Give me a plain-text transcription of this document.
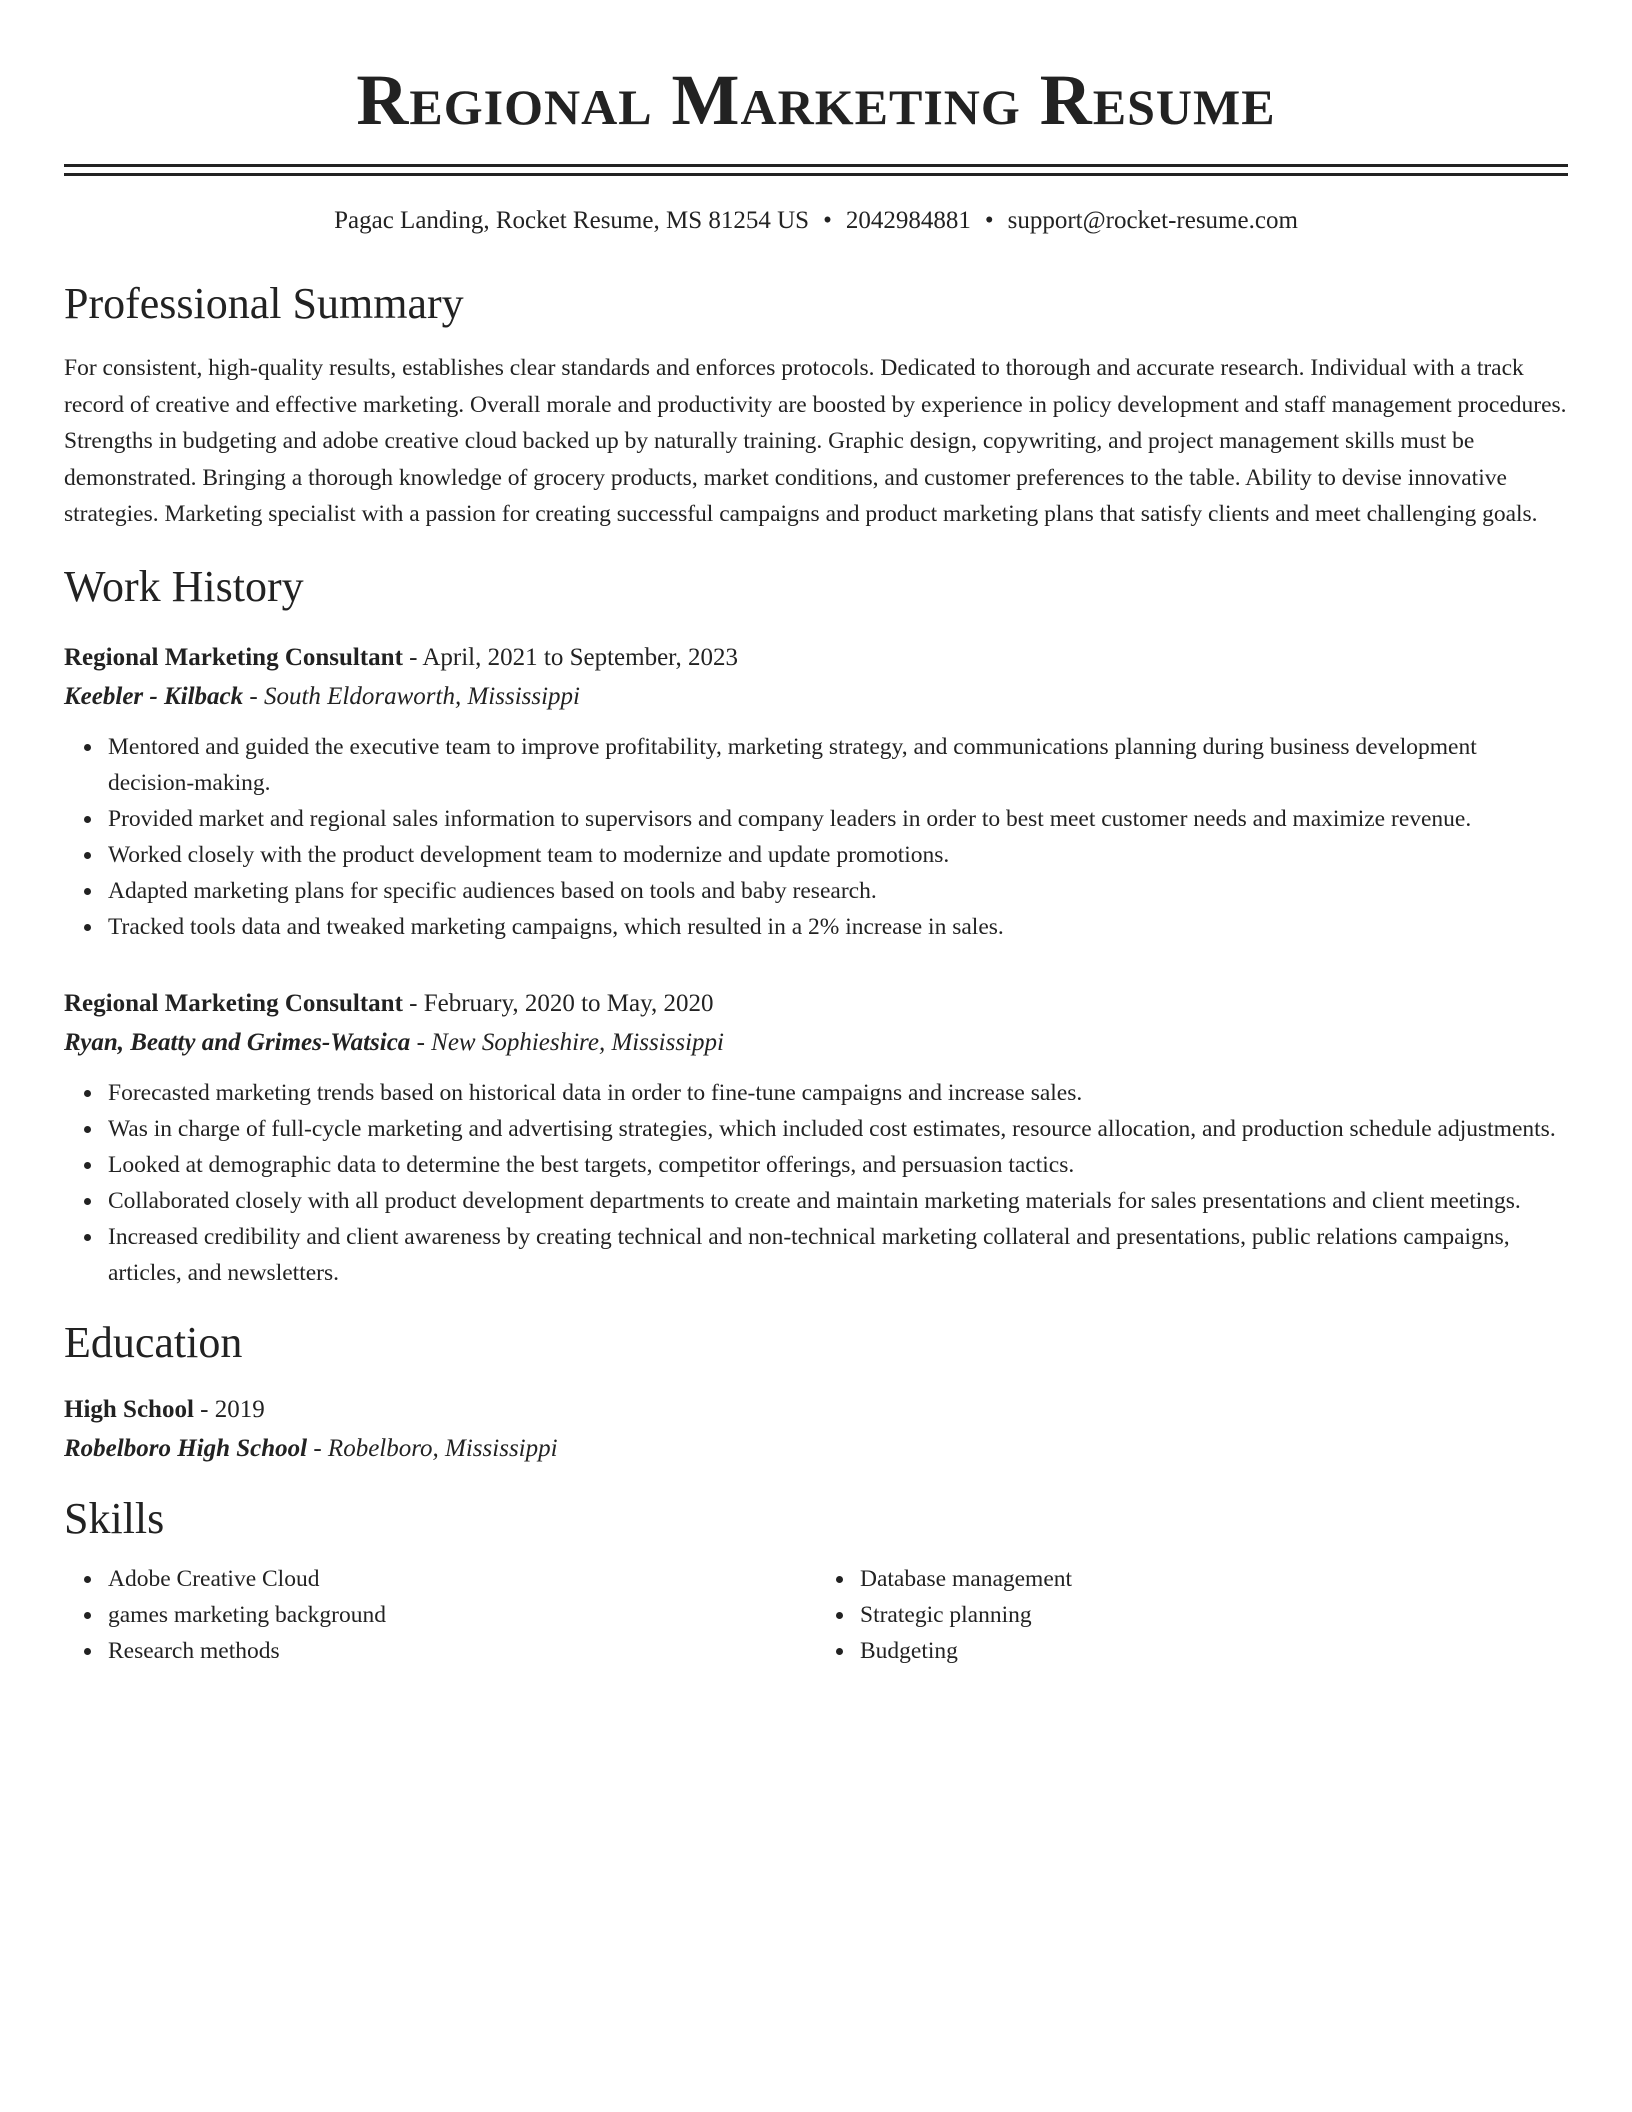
Regional Marketing Resume
Pagac Landing, Rocket Resume, MS 81254 US • 2042984881 • support@rocket-resume.com
Professional Summary

For consistent, high-quality results, establishes clear standards and enforces protocols. Dedicated to thorough and accurate research. Individual with a track record of creative and effective marketing. Overall morale and productivity are boosted by experience in policy development and staff management procedures. Strengths in budgeting and adobe creative cloud backed up by naturally training. Graphic design, copywriting, and project management skills must be demonstrated. Bringing a thorough knowledge of grocery products, market conditions, and customer preferences to the table. Ability to devise innovative strategies. Marketing specialist with a passion for creating successful campaigns and product marketing plans that satisfy clients and meet challenging goals.

Work History
Regional Marketing Consultant - April, 2021 to September, 2023
Keebler - Kilback - South Eldoraworth, Mississippi
Mentored and guided the executive team to improve profitability, marketing strategy, and communications planning during business development decision-making.
Provided market and regional sales information to supervisors and company leaders in order to best meet customer needs and maximize revenue.
Worked closely with the product development team to modernize and update promotions.
Adapted marketing plans for specific audiences based on tools and baby research.
Tracked tools data and tweaked marketing campaigns, which resulted in a 2% increase in sales.
Regional Marketing Consultant - February, 2020 to May, 2020
Ryan, Beatty and Grimes-Watsica - New Sophieshire, Mississippi
Forecasted marketing trends based on historical data in order to fine-tune campaigns and increase sales.
Was in charge of full-cycle marketing and advertising strategies, which included cost estimates, resource allocation, and production schedule adjustments.
Looked at demographic data to determine the best targets, competitor offerings, and persuasion tactics.
Collaborated closely with all product development departments to create and maintain marketing materials for sales presentations and client meetings.
Increased credibility and client awareness by creating technical and non-technical marketing collateral and presentations, public relations campaigns, articles, and newsletters.
Education
High School - 2019
Robelboro High School - Robelboro, Mississippi
Skills
Adobe Creative Cloud
games marketing background
Research methods
Database management
Strategic planning
Budgeting
